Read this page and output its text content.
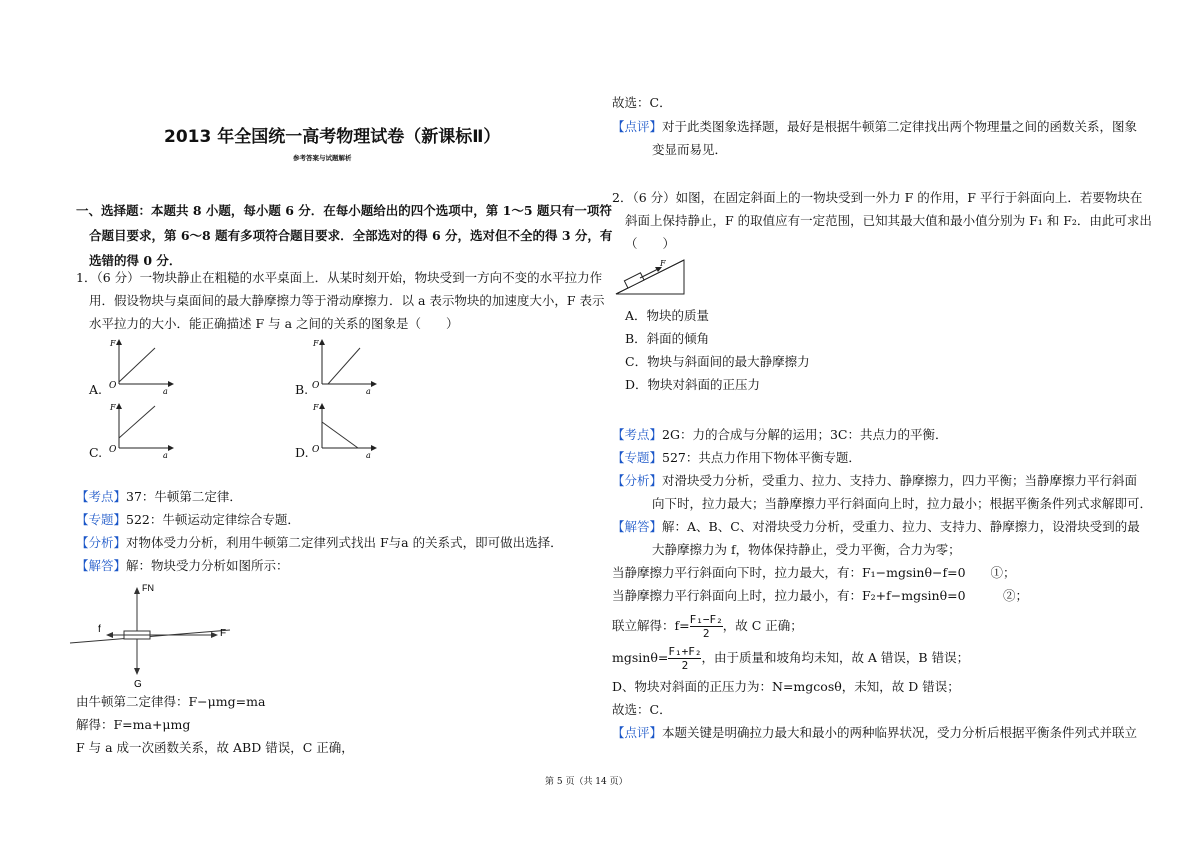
2013 年全国统一高考物理试卷（新课标Ⅱ）
参考答案与试题解析
一、选择题：本题共 8 小题，每小题 6 分．在每小题给出的四个选项中，第 1～5 题只有一项符
合题目要求，第 6～8 题有多项符合题目要求．全部选对的得 6 分，选对但不全的得 3 分，有
选错的得 0 分．
1．（6 分）一物块静止在粗糙的水平桌面上．从某时刻开始，物块受到一方向不变的水平拉力作
用．假设物块与桌面间的最大静摩擦力等于滑动摩擦力．以 a 表示物块的加速度大小，F 表示
水平拉力的大小．能正确描述 F 与 a 之间的关系的图象是（　　）
A.	B.
C.	D.
F
O
a
F
O
a
F
O
a
F
O
a
【考点】37：牛顿第二定律．
【专题】522：牛顿运动定律综合专题．
【分析】对物体受力分析，利用牛顿第二定律列式找出 F与a 的关系式，即可做出选择．
【解答】解：物块受力分析如图所示：
FN
f	F
G
由牛顿第二定律得：F−μmg=ma
解得：F=ma+μmg
F 与 a 成一次函数关系，故 ABD 错误，C 正确，
故选：C．
【点评】对于此类图象选择题，最好是根据牛顿第二定律找出两个物理量之间的函数关系，图象
变显而易见．
2．（6 分）如图，在固定斜面上的一物块受到一外力 F 的作用，F 平行于斜面向上．若要物块在
斜面上保持静止，F 的取值应有一定范围，已知其最大值和最小值分别为 F₁ 和 F₂．由此可求出
（　　）
F
A．物块的质量
B．斜面的倾角
C．物块与斜面间的最大静摩擦力
D．物块对斜面的正压力
【考点】2G：力的合成与分解的运用；3C：共点力的平衡．
【专题】527：共点力作用下物体平衡专题．
【分析】对滑块受力分析，受重力、拉力、支持力、静摩擦力，四力平衡；当静摩擦力平行斜面
向下时，拉力最大；当静摩擦力平行斜面向上时，拉力最小；根据平衡条件列式求解即可．
【解答】解：A、B、C、对滑块受力分析，受重力、拉力、支持力、静摩擦力，设滑块受到的最
大静摩擦力为 f，物体保持静止，受力平衡，合力为零；
当静摩擦力平行斜面向下时，拉力最大，有：F₁−mgsinθ−f=0　　①；
当静摩擦力平行斜面向上时，拉力最小，有：F₂+f−mgsinθ=0　　　②；
联立解得：$f= \frac{\text{F₁−F₂}}{2}$ ，故 C 正确；
$mgsin\theta= \frac{\text{F₁+F₂}}{2}$ ，由于质量和坡角均未知，故 A 错误，B 错误；
D、物块对斜面的正压力为：N=mgcosθ，未知，故 D 错误；
故选：C．
【点评】本题关键是明确拉力最大和最小的两种临界状况，受力分析后根据平衡条件列式并联立
第 5 页（共 14 页）
